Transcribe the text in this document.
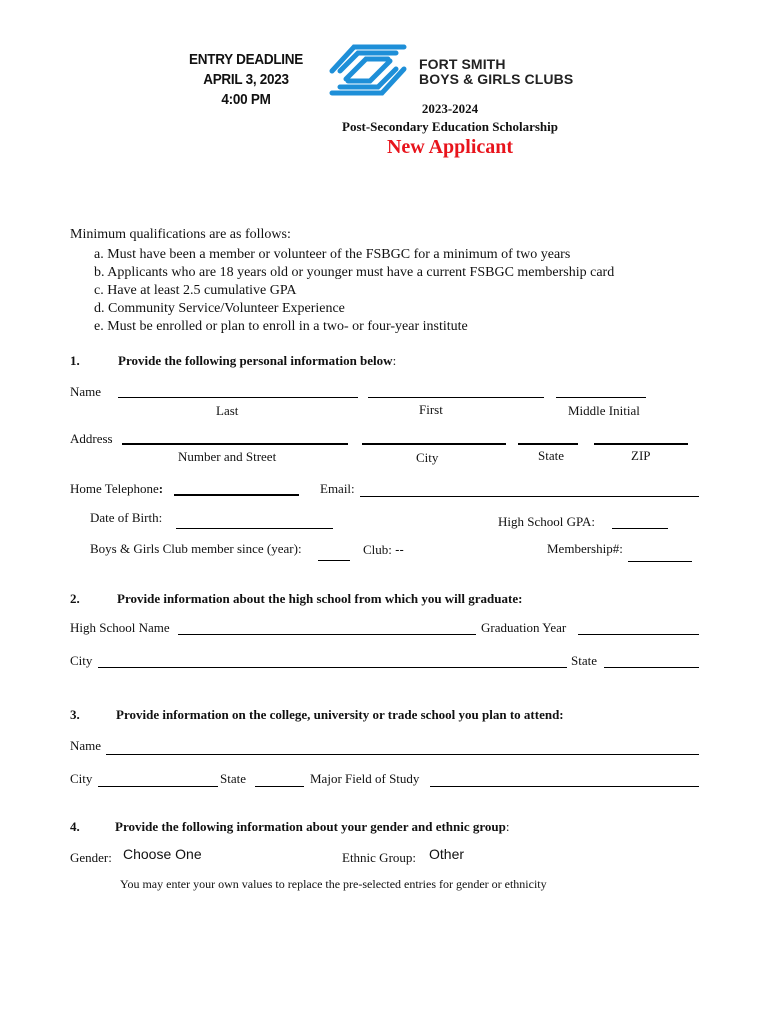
ENTRY DEADLINE
APRIL 3, 2023
4:00 PM
FORT SMITH
BOYS & GIRLS CLUBS
2023-2024
Post-Secondary Education Scholarship
New Applicant
Minimum qualifications are as follows:
a. Must have been a member or volunteer of the FSBGC for a minimum of two years
b. Applicants who are 18 years old or younger must have a current FSBGC membership card
c. Have at least 2.5 cumulative GPA
d. Community Service/Volunteer Experience
e. Must be enrolled or plan to enroll in a two- or four-year institute
1.	Provide the following personal information below:
Name
Last	First	Middle Initial
Address
Number and Street	City	State	ZIP
Home Telephone:	Email:
Date of Birth:	High School GPA:
Boys & Girls Club member since (year):	Club: --	Membership#:
2.	Provide information about the high school from which you will graduate:
High School Name	Graduation Year
City	State
3.	Provide information on the college, university or trade school you plan to attend:
Name
City	State	Major Field of Study
4.	Provide the following information about your gender and ethnic group:
Gender: Choose One	Ethnic Group: Other
You may enter your own values to replace the pre-selected entries for gender or ethnicity
